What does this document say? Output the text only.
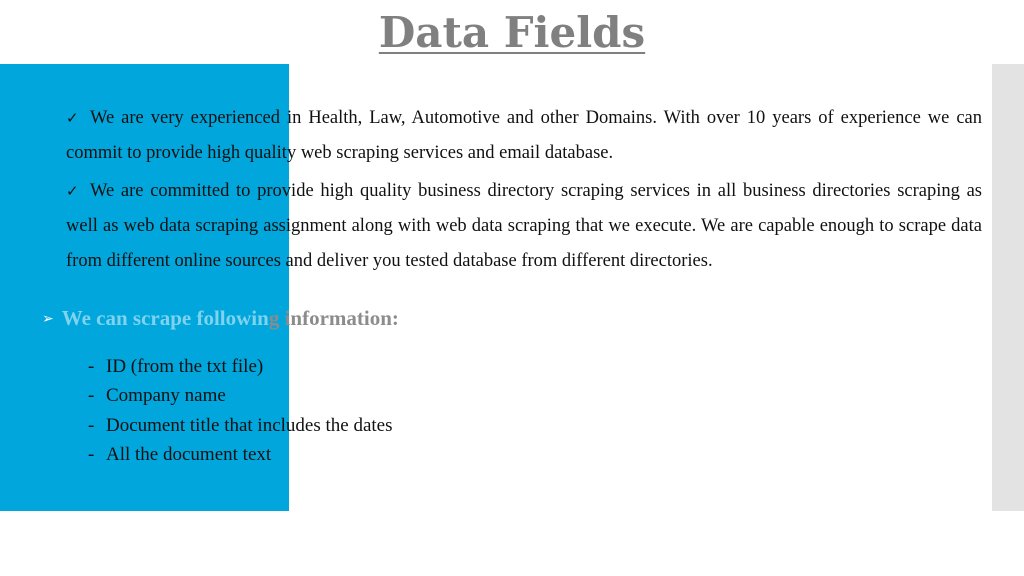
Data Fields

✓ We are very experienced in Health, Law, Automotive and other Domains. With over 10 years of experience we can commit to provide high quality web scraping services and email database.

✓ We are committed to provide high quality business directory scraping services in all business directories scraping as well as web data scraping assignment along with web data scraping that we execute. We are capable enough to scrape data from different online sources and deliver you tested database from different directories.

➢ We can scrape following information:

- ID (from the txt file)
- Company name
- Document title that includes the dates
- All the document text
